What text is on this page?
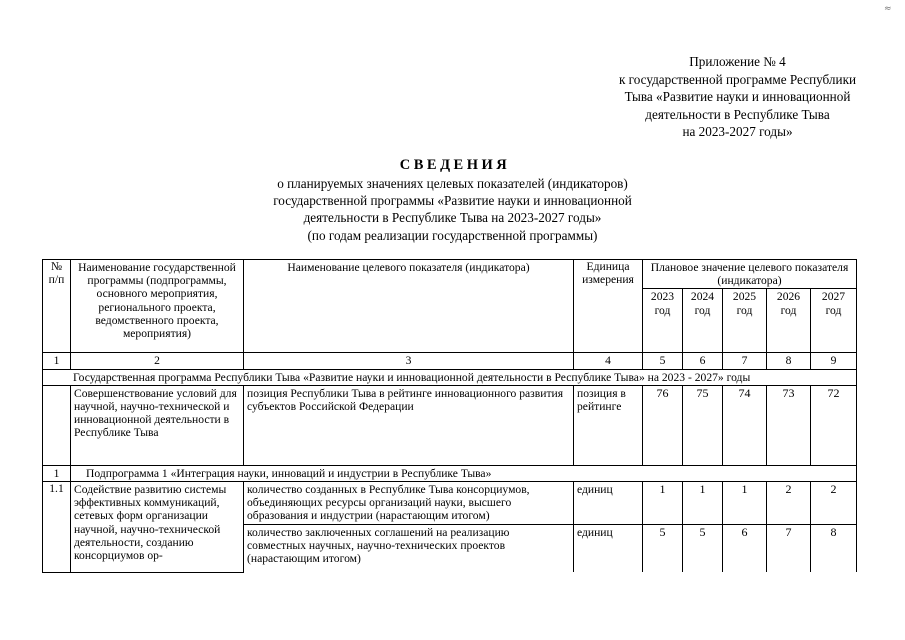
≈
Приложение № 4
к государственной программе Республики
Тыва «Развитие науки и инновационной
деятельности в Республике Тыва
на 2023-2027 годы»
СВЕДЕНИЯ
о планируемых значениях целевых показателей (индикаторов)
государственной программы «Развитие науки и инновационной
деятельности в Республике Тыва на 2023-2027 годы»
(по годам реализации государственной программы)
№ п/п	Наименование государственной программы (подпрограммы, основного мероприятия, регионального проекта, ведомственного проекта, мероприятия)	Наименование целевого показателя (индикатора)	Единица измерения	Плановое значение целевого показателя (индикатора)				
				2023 год	2024 год	2025 год	2026 год	2027 год
1	2	3	4	5	6	7	8	9
Государственная программа Республики Тыва «Развитие науки и инновационной деятельности в Республике Тыва» на 2023 - 2027» годы								
	Совершенствование условий для научной, научно-технической и инновационной деятельности в Республике Тыва	позиция Республики Тыва в рейтинге инновационного развития субъектов Российской Федерации	позиция в рейтинге	76	75	74	73	72
1	Подпрограмма 1 «Интеграция науки, инноваций и индустрии в Республике Тыва»							
1.1	Содействие развитию системы эффективных коммуникаций, сетевых форм организации научной, научно-технической деятельности, созданию консорциумов ор-	количество созданных в Республике Тыва консорциумов, объединяющих ресурсы организаций науки, высшего образования и индустрии (нарастающим итогом)	единиц	1	1	1	2	2
		количество заключенных соглашений на реализацию совместных научных, научно-технических проектов (нарастающим итогом)	единиц	5	5	6	7	8
